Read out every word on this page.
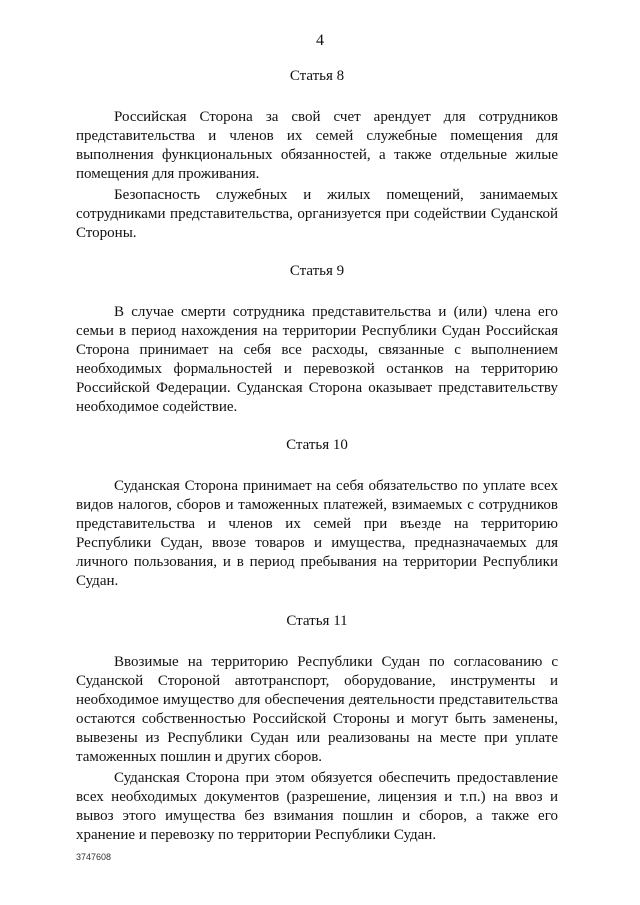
4
Статья 8

Российская Сторона за свой счет арендует для сотрудников представительства и членов их семей служебные помещения для выполнения функциональных обязанностей, а также отдельные жилые помещения для проживания.

Безопасность служебных и жилых помещений, занимаемых сотрудниками представительства, организуется при содействии Суданской Стороны.

Статья 9

В случае смерти сотрудника представительства и (или) члена его семьи в период нахождения на территории Республики Судан Российская Сторона принимает на себя все расходы, связанные с выполнением необходимых формальностей и перевозкой останков на территорию Российской Федерации. Суданская Сторона оказывает представительству необходимое содействие.

Статья 10

Суданская Сторона принимает на себя обязательство по уплате всех видов налогов, сборов и таможенных платежей, взимаемых с сотрудников представительства и членов их семей при въезде на территорию Республики Судан, ввозе товаров и имущества, предназначаемых для личного пользования, и в период пребывания на территории Республики Судан.

Статья 11

Ввозимые на территорию Республики Судан по согласованию с Суданской Стороной автотранспорт, оборудование, инструменты и необходимое имущество для обеспечения деятельности представительства остаются собственностью Российской Стороны и могут быть заменены, вывезены из Республики Судан или реализованы на месте при уплате таможенных пошлин и других сборов.

Суданская Сторона при этом обязуется обеспечить предоставление всех необходимых документов (разрешение, лицензия и т.п.) на ввоз и вывоз этого имущества без взимания пошлин и сборов, а также его хранение и перевозку по территории Республики Судан.

3747608
